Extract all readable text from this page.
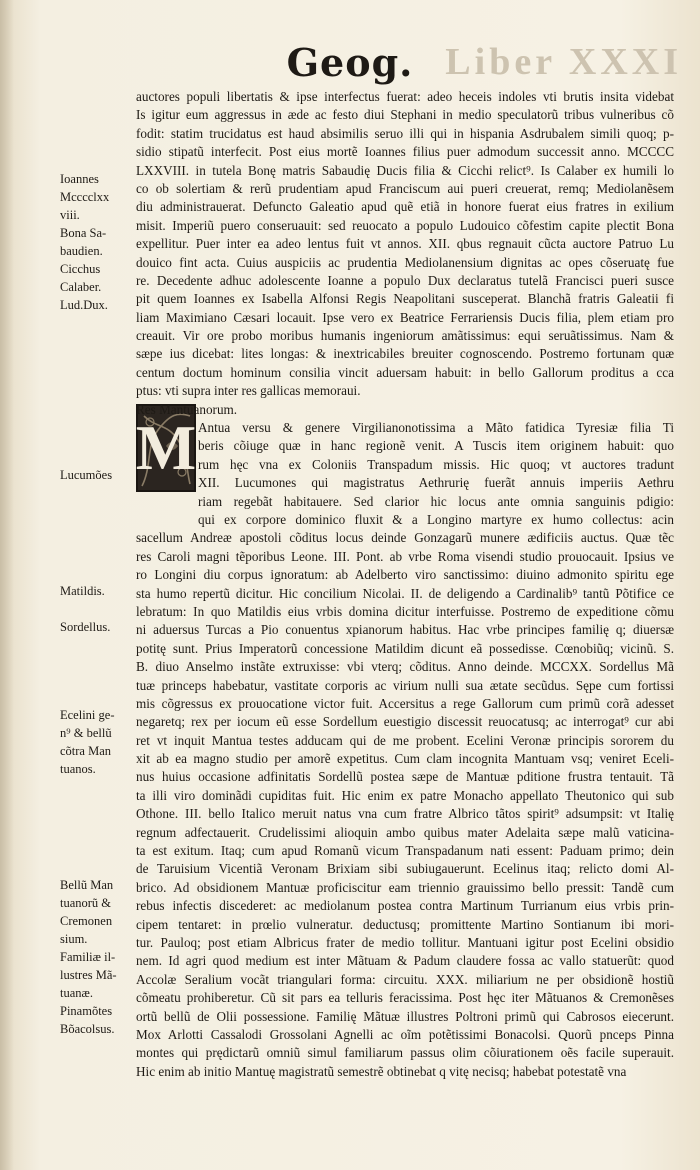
Liber XXXI
Geog.
Ioannes
Mcccclxx
viii.
Bona Sa-
baudien.
Cicchus
Calaber.
Lud.Dux.
Lucumões
Matildis.
Sordellus.
Ecelini ge-
n⁹ & bellũ
cõtra Man
tuanos.
Bellũ Man
tuanorũ &
Cremonen
sium.
Familiæ il-
lustres Mã-
tuanæ.
Pinamõtes
Bõacolsus.
M
auctores populi libertatis & ipse interfectus fuerat: adeo heceis indoles vti brutis insita videbat
Is igitur eum aggressus in æde ac festo diui Stephani in medio speculatorũ tribus vulneribus cõ
fodit: statim trucidatus est haud absimilis seruo illi qui in hispania Asdrubalem simili quoq; p-
sidio stipatũ interfecit. Post eius mortẽ Ioannes filius puer admodum successit anno. MCCCC
LXXVIII. in tutela Bonę matris Sabaudię Ducis filia & Cicchi relict⁹. Is Calaber ex humili lo
co ob solertiam & rerũ prudentiam apud Franciscum aui pueri creuerat, remq; Mediolanẽsem
diu administrauerat. Defuncto Galeatio apud quẽ etiã in honore fuerat eius fratres in exilium
misit. Imperiũ puero conseruauit: sed reuocato a populo Ludouico cõfestim capite plectit Bona
expellitur. Puer inter ea adeo lentus fuit vt annos. XII. qbus regnauit cũcta auctore Patruo Lu
douico fint acta. Cuius auspiciis ac prudentia Mediolanensium dignitas ac opes cõseruatę fue
re. Decedente adhuc adolescente Ioanne a populo Dux declaratus tutelã Francisci pueri susce
pit quem Ioannes ex Isabella Alfonsi Regis Neapolitani susceperat. Blanchã fratris Galeatii fi
liam Maximiano Cæsari locauit. Ipse vero ex Beatrice Ferrariensis Ducis filia, plem etiam pro
creauit. Vir ore probo moribus humanis ingeniorum amãtissimus: equi seruãtissimus. Nam &
sæpe ius dicebat: lites longas: & inextricabiles breuiter cognoscendo. Postremo fortunam quæ
centum doctum hominum consilia vincit aduersam habuit: in bello Gallorum proditus a cca
ptus: vti supra inter res gallicas memoraui.
Res Mantuanorum.
Antua versu & genere Virgilianonotissima a Mãto fatidica Tyresiæ filia Ti
beris cõiuge quæ in hanc regionẽ venit. A Tuscis item originem habuit: quo
rum hęc vna ex Coloniis Transpadum missis. Hic quoq; vt auctores tradunt
XII. Lucumones qui magistratus Aethrurię fuerãt annuis imperiis Aethru
riam regebãt habitauere. Sed clarior hic locus ante omnia sanguinis pdigio:
qui ex corpore dominico fluxit & a Longino martyre ex humo collectus: acin
sacellum Andreæ apostoli cõditus locus deinde Gonzagarũ munere ædificiis auctus. Quæ tẽc
res Caroli magni tẽporibus Leone. III. Pont. ab vrbe Roma visendi studio prouocauit. Ipsius ve
ro Longini diu corpus ignoratum: ab Adelberto viro sanctissimo: diuino admonito spiritu ege
sta humo repertũ dicitur. Hic concilium Nicolai. II. de deligendo a Cardinalib⁹ tantũ Põtifice ce
lebratum: In quo Matildis eius vrbis domina dicitur interfuisse. Postremo de expeditione cõmu
ni aduersus Turcas a Pio conuentus xpianorum habitus. Hac vrbe principes familię q; diuersæ
potitę sunt. Prius Imperatorũ concessione Matildim dicunt eã possedisse. Cœnobiũq; vicinũ. S.
B. diuo Anselmo instãte extruxisse: vbi vterq; cõditus. Anno deinde. MCCXX. Sordellus Mã
tuæ princeps habebatur, vastitate corporis ac virium nulli sua ætate secũdus. Sępe cum fortissi
mis cõgressus ex prouocatione victor fuit. Accersitus a rege Gallorum cum primũ corã adesset
negaretq; rex per iocum eũ esse Sordellum euestigio discessit reuocatusq; ac interrogat⁹ cur abi
ret vt inquit Mantua testes adducam qui de me probent. Ecelini Veronæ principis sororem du
xit ab ea magno studio per amorẽ expetitus. Cum clam incognita Mantuam vsq; veniret Eceli-
nus huius occasione adfinitatis Sordellũ postea sæpe de Mantuæ pditione frustra tentauit. Tã
ta illi viro dominãdi cupiditas fuit. Hic enim ex patre Monacho appellato Theutonico qui sub
Othone. III. bello Italico meruit natus vna cum fratre Albrico tãtos spirit⁹ adsumpsit: vt Italię
regnum adfectauerit. Crudelissimi alioquin ambo quibus mater Adelaita sæpe malũ vaticina-
ta est exitum. Itaq; cum apud Romanũ vicum Transpadanum nati essent: Paduam primo; dein
de Taruisium Vicentiã Veronam Brixiam sibi subiugauerunt. Ecelinus itaq; relicto domi Al-
brico. Ad obsidionem Mantuæ proficiscitur eam triennio grauissimo bello pressit: Tandẽ cum
rebus infectis discederet: ac mediolanum postea contra Martinum Turrianum eius vrbis prin-
cipem tentaret: in prœlio vulneratur. deductusq; promittente Martino Sontianum ibi mori-
tur. Pauloq; post etiam Albricus frater de medio tollitur. Mantuani igitur post Ecelini obsidio
nem. Id agri quod medium est inter Mãtuam & Padum claudere fossa ac vallo statuerũt: quod
Accolæ Seralium vocãt triangulari forma: circuitu. XXX. miliarium ne per obsidionẽ hostiũ
cõmeatu prohiberetur. Cũ sit pars ea telluris feracissima. Post hęc iter Mãtuanos & Cremonẽses
ortũ bellũ de Olii possessione. Familię Mãtuæ illustres Poltroni primũ qui Cabrosos eiecerunt.
Mox Arlotti Cassalodi Grossolani Agnelli ac oĩm potẽtissimi Bonacolsi. Quorũ pnceps Pinna
montes qui prędictarũ omniũ simul familiarum passus olim cõiurationem oẽs facile superauit.
Hic enim ab initio Mantuę magistratũ semestrẽ obtinebat q vitę necisq; habebat potestatẽ vna
